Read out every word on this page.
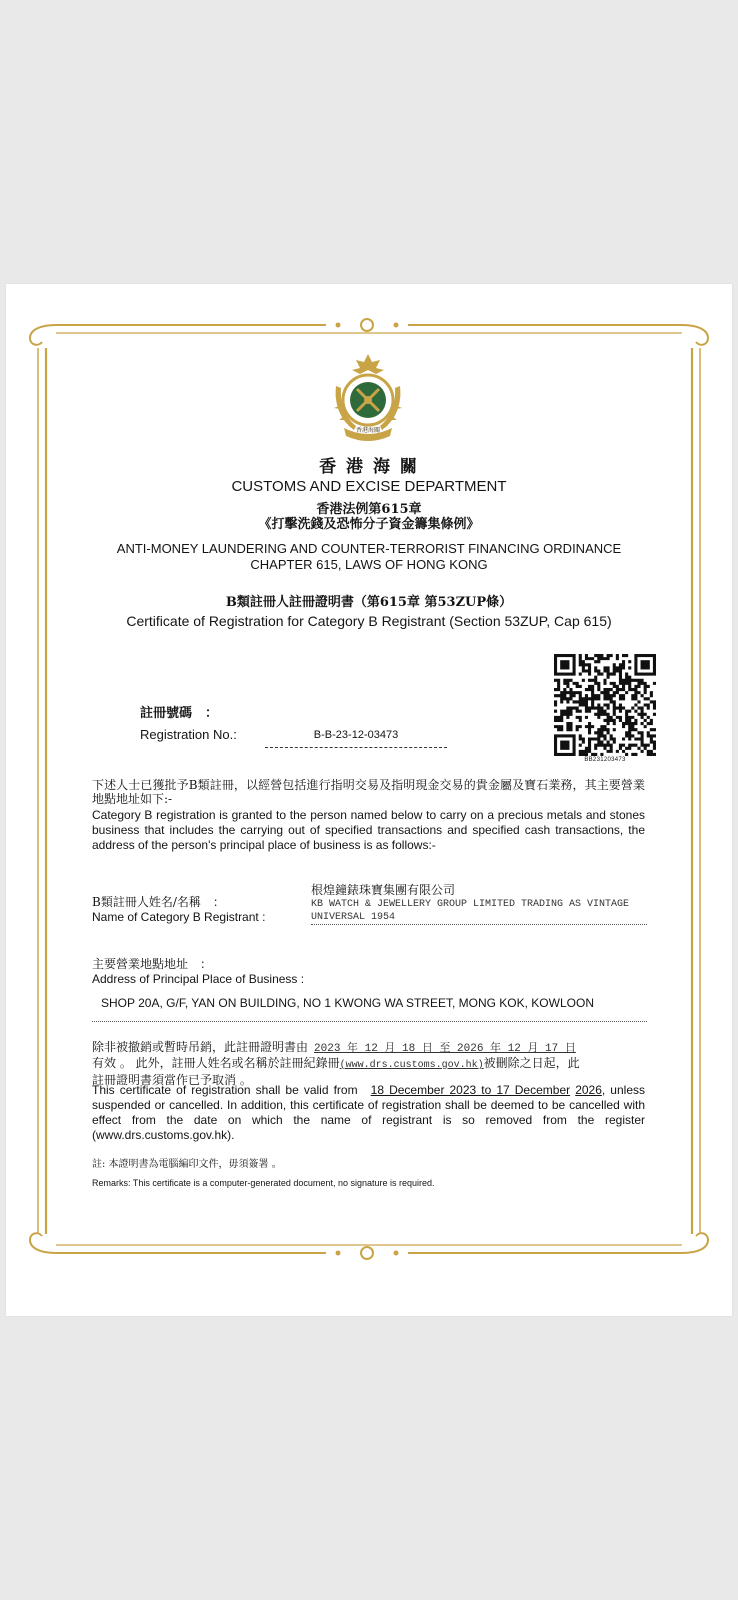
香港海關
香 港 海 關
CUSTOMS AND EXCISE DEPARTMENT
香港法例第615章
《打擊洗錢及恐怖分子資金籌集條例》
ANTI-MONEY LAUNDERING AND COUNTER-TERRORIST FINANCING ORDINANCE
CHAPTER 615, LAWS OF HONG KONG
B類註冊人註冊證明書（第615章 第53ZUP條）
Certificate of Registration for Category B Registrant (Section 53ZUP, Cap 615)
註冊號碼　：
Registration No.:	B-B-23-12-03473
BB231203473
下述人士已獲批予B類註冊，以經營包括進行指明交易及指明現金交易的貴金屬及寶石業務，其主要營業地點地址如下:-
Category B registration is granted to the person named below to carry on a precious metals and stones business that includes the carrying out of specified transactions and specified cash transactions, the address of the person's principal place of business is as follows:-
B類註冊人姓名/名稱　：
Name of Category B Registrant :
根煌鐘錶珠寶集團有限公司
KB WATCH & JEWELLERY GROUP LIMITED TRADING AS VINTAGE
UNIVERSAL 1954
主要營業地點地址　：
Address of Principal Place of Business :
SHOP 20A, G/F, YAN ON BUILDING, NO 1 KWONG WA STREET, MONG KOK, KOWLOON
除非被撤銷或暫時吊銷，此註冊證明書由 2023 年 12 月 18 日 至 2026 年 12 月 17 日
有效 。 此外，註冊人姓名或名稱於註冊紀錄冊(www.drs.customs.gov.hk)被刪除之日起，此
註冊證明書須當作已予取消 。
This certificate of registration shall be valid from 18 December 2023 to 17 December 2026, unless suspended or cancelled. In addition, this certificate of registration shall be deemed to be cancelled with effect from the date on which the name of registrant is so removed from the register (www.drs.customs.gov.hk).
註: 本證明書為電腦編印文件，毋須簽署 。
Remarks: This certificate is a computer-generated document, no signature is required.
